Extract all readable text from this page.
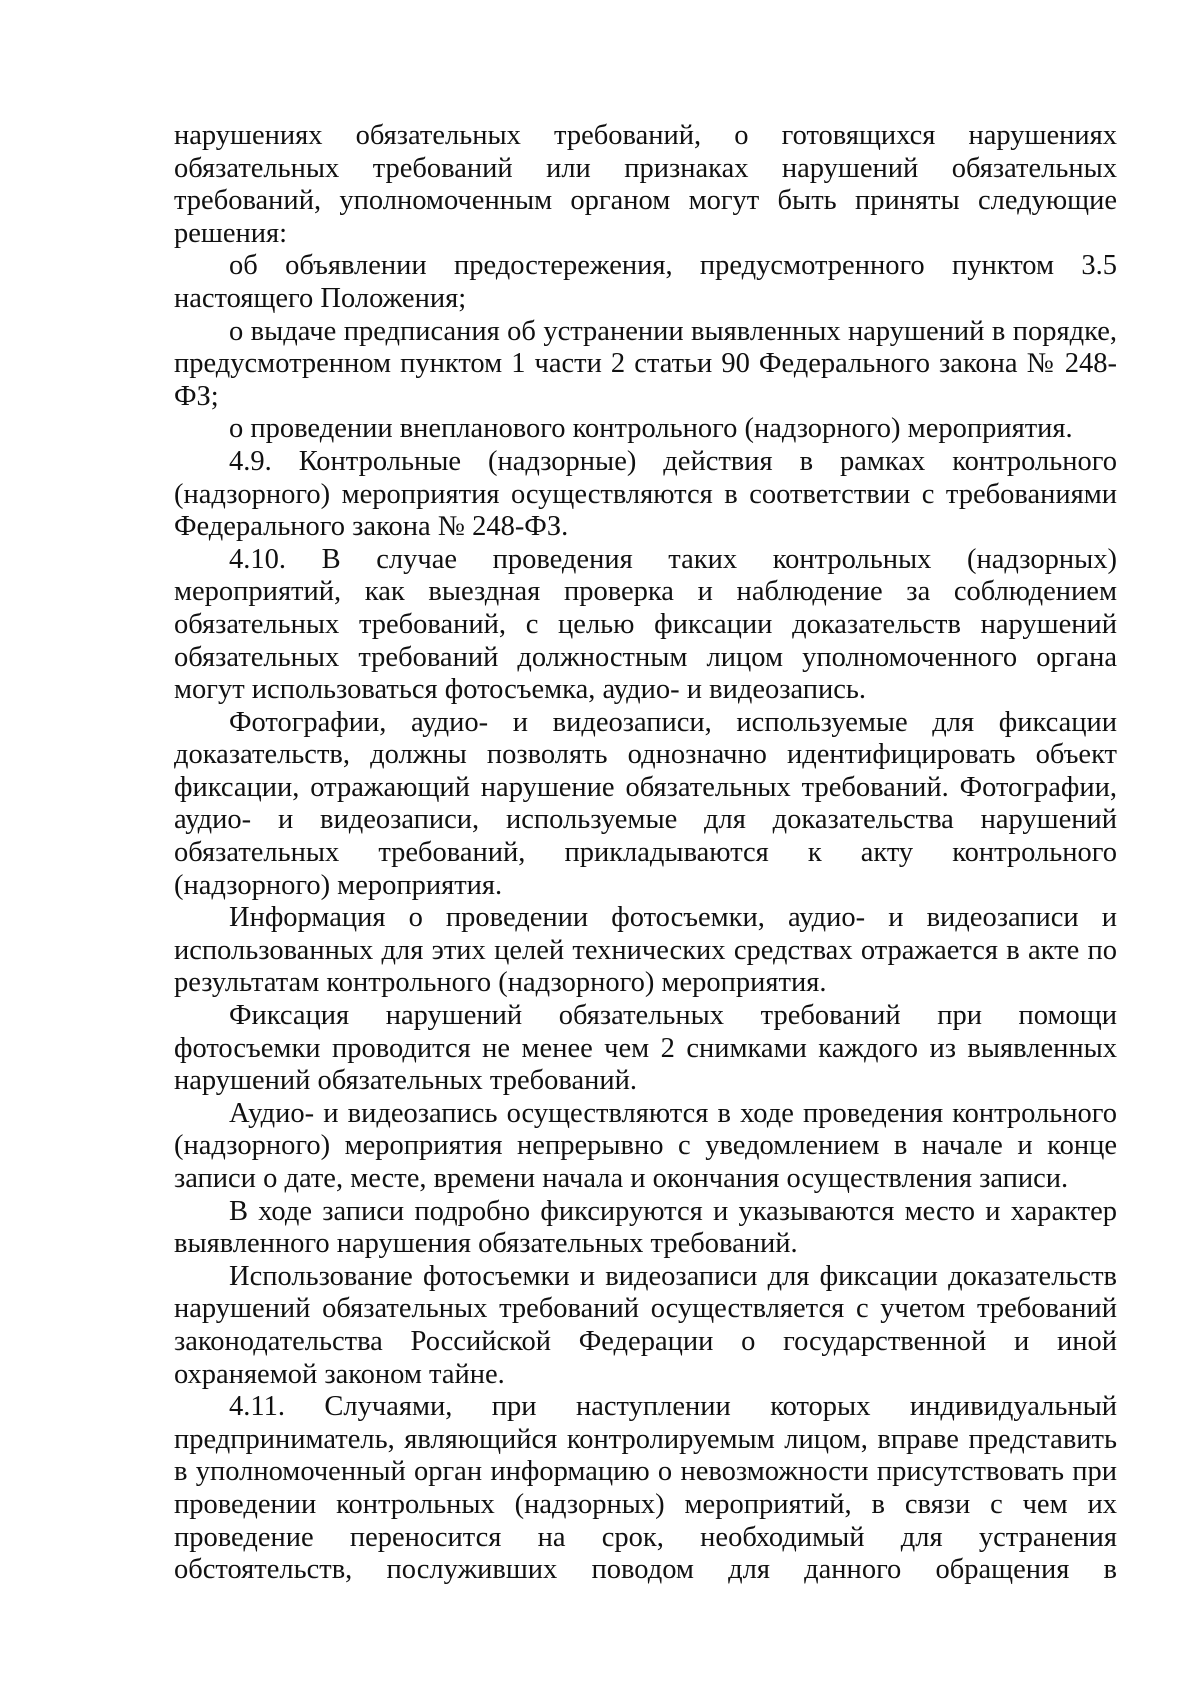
нарушениях обязательных требований, о готовящихся нарушениях обязательных требований или признаках нарушений обязательных требований, уполномоченным органом могут быть приняты следующие решения:

об объявлении предостережения, предусмотренного пунктом 3.5 настоящего Положения;

о выдаче предписания об устранении выявленных нарушений в порядке, предусмотренном пунктом 1 части 2 статьи 90 Федерального закона № 248-ФЗ;

о проведении внепланового контрольного (надзорного) мероприятия.

4.9. Контрольные (надзорные) действия в рамках контрольного (надзорного) мероприятия осуществляются в соответствии с требованиями Федерального закона № 248-ФЗ.

4.10. В случае проведения таких контрольных (надзорных) мероприятий, как выездная проверка и наблюдение за соблюдением обязательных требований, с целью фиксации доказательств нарушений обязательных требований должностным лицом уполномоченного органа могут использоваться фотосъемка, аудио- и видеозапись.

Фотографии, аудио- и видеозаписи, используемые для фиксации доказательств, должны позволять однозначно идентифицировать объект фиксации, отражающий нарушение обязательных требований. Фотографии, аудио- и видеозаписи, используемые для доказательства нарушений обязательных требований, прикладываются к акту контрольного (надзорного) мероприятия.

Информация о проведении фотосъемки, аудио- и видеозаписи и использованных для этих целей технических средствах отражается в акте по результатам контрольного (надзорного) мероприятия.

Фиксация нарушений обязательных требований при помощи фотосъемки проводится не менее чем 2 снимками каждого из выявленных нарушений обязательных требований.

Аудио- и видеозапись осуществляются в ходе проведения контрольного (надзорного) мероприятия непрерывно с уведомлением в начале и конце записи о дате, месте, времени начала и окончания осуществления записи.

В ходе записи подробно фиксируются и указываются место и характер выявленного нарушения обязательных требований.

Использование фотосъемки и видеозаписи для фиксации доказательств нарушений обязательных требований осуществляется с учетом требований законодательства Российской Федерации о государственной и иной охраняемой законом тайне.

4.11. Случаями, при наступлении которых индивидуальный предприниматель, являющийся контролируемым лицом, вправе представить в уполномоченный орган информацию о невозможности присутствовать при проведении контрольных (надзорных) мероприятий, в связи с чем их проведение переносится на срок, необходимый для устранения обстоятельств, послуживших поводом для данного обращения в
